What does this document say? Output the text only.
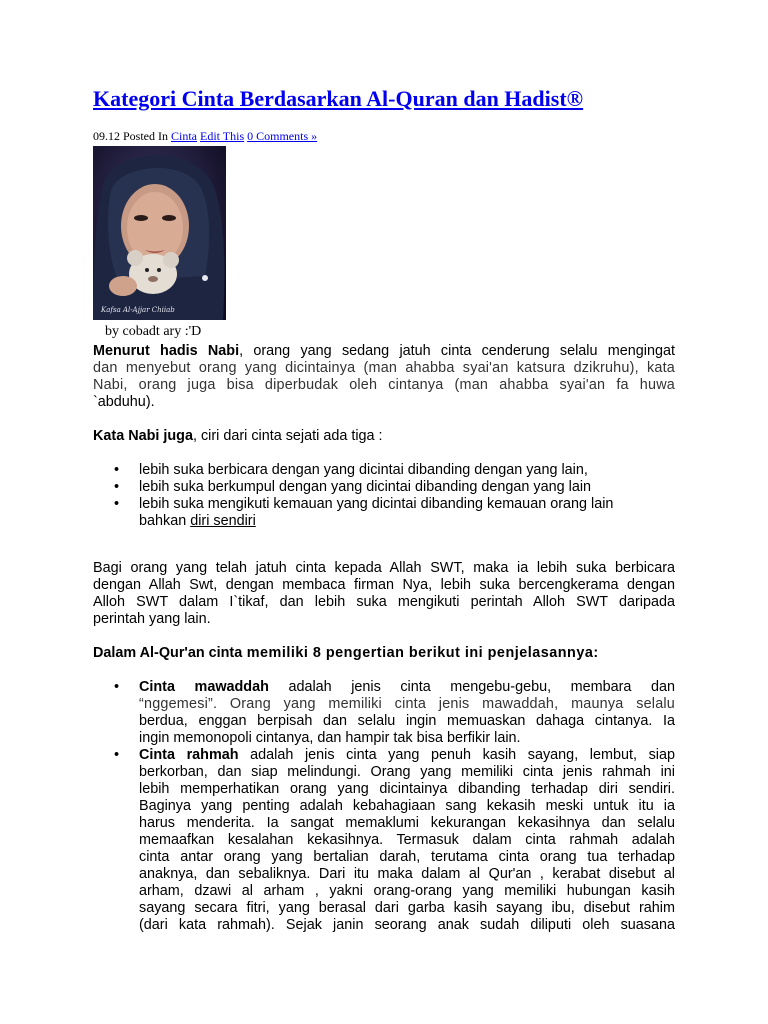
Kategori Cinta Berdasarkan Al-Quran dan Hadist®
09.12 Posted In Cinta Edit This 0 Comments »
Kafsa Al-Ajjar Chiiab
by cobadt ary :'D
Menurut hadis Nabi, orang yang sedang jatuh cinta cenderung selalu mengingat
dan menyebut orang yang dicintainya (man ahabba syai'an katsura dzikruhu), kata
Nabi, orang juga bisa diperbudak oleh cintanya (man ahabba syai'an fa huwa
`abduhu).
Kata Nabi juga, ciri dari cinta sejati ada tiga :
• lebih suka berbicara dengan yang dicintai dibanding dengan yang lain,
• lebih suka berkumpul dengan yang dicintai dibanding dengan yang lain
• lebih suka mengikuti kemauan yang dicintai dibanding kemauan orang lain
bahkan diri sendiri
Bagi orang yang telah jatuh cinta kepada Allah SWT, maka ia lebih suka berbicara
dengan Allah Swt, dengan membaca firman Nya, lebih suka bercengkerama dengan
Alloh SWT dalam I`tikaf, dan lebih suka mengikuti perintah Alloh SWT daripada
perintah yang lain.
Dalam Al-Qur'an cinta memiliki 8 pengertian berikut ini penjelasannya:
• Cinta mawaddah adalah jenis cinta mengebu-gebu, membara dan
“nggemesi”. Orang yang memiliki cinta jenis mawaddah, maunya selalu
berdua, enggan berpisah dan selalu ingin memuaskan dahaga cintanya. Ia
ingin memonopoli cintanya, dan hampir tak bisa berfikir lain.
• Cinta rahmah adalah jenis cinta yang penuh kasih sayang, lembut, siap
berkorban, dan siap melindungi. Orang yang memiliki cinta jenis rahmah ini
lebih memperhatikan orang yang dicintainya dibanding terhadap diri sendiri.
Baginya yang penting adalah kebahagiaan sang kekasih meski untuk itu ia
harus menderita. Ia sangat memaklumi kekurangan kekasihnya dan selalu
memaafkan kesalahan kekasihnya. Termasuk dalam cinta rahmah adalah
cinta antar orang yang bertalian darah, terutama cinta orang tua terhadap
anaknya, dan sebaliknya. Dari itu maka dalam al Qur'an , kerabat disebut al
arham, dzawi al arham , yakni orang-orang yang memiliki hubungan kasih
sayang secara fitri, yang berasal dari garba kasih sayang ibu, disebut rahim
(dari kata rahmah). Sejak janin seorang anak sudah diliputi oleh suasana
